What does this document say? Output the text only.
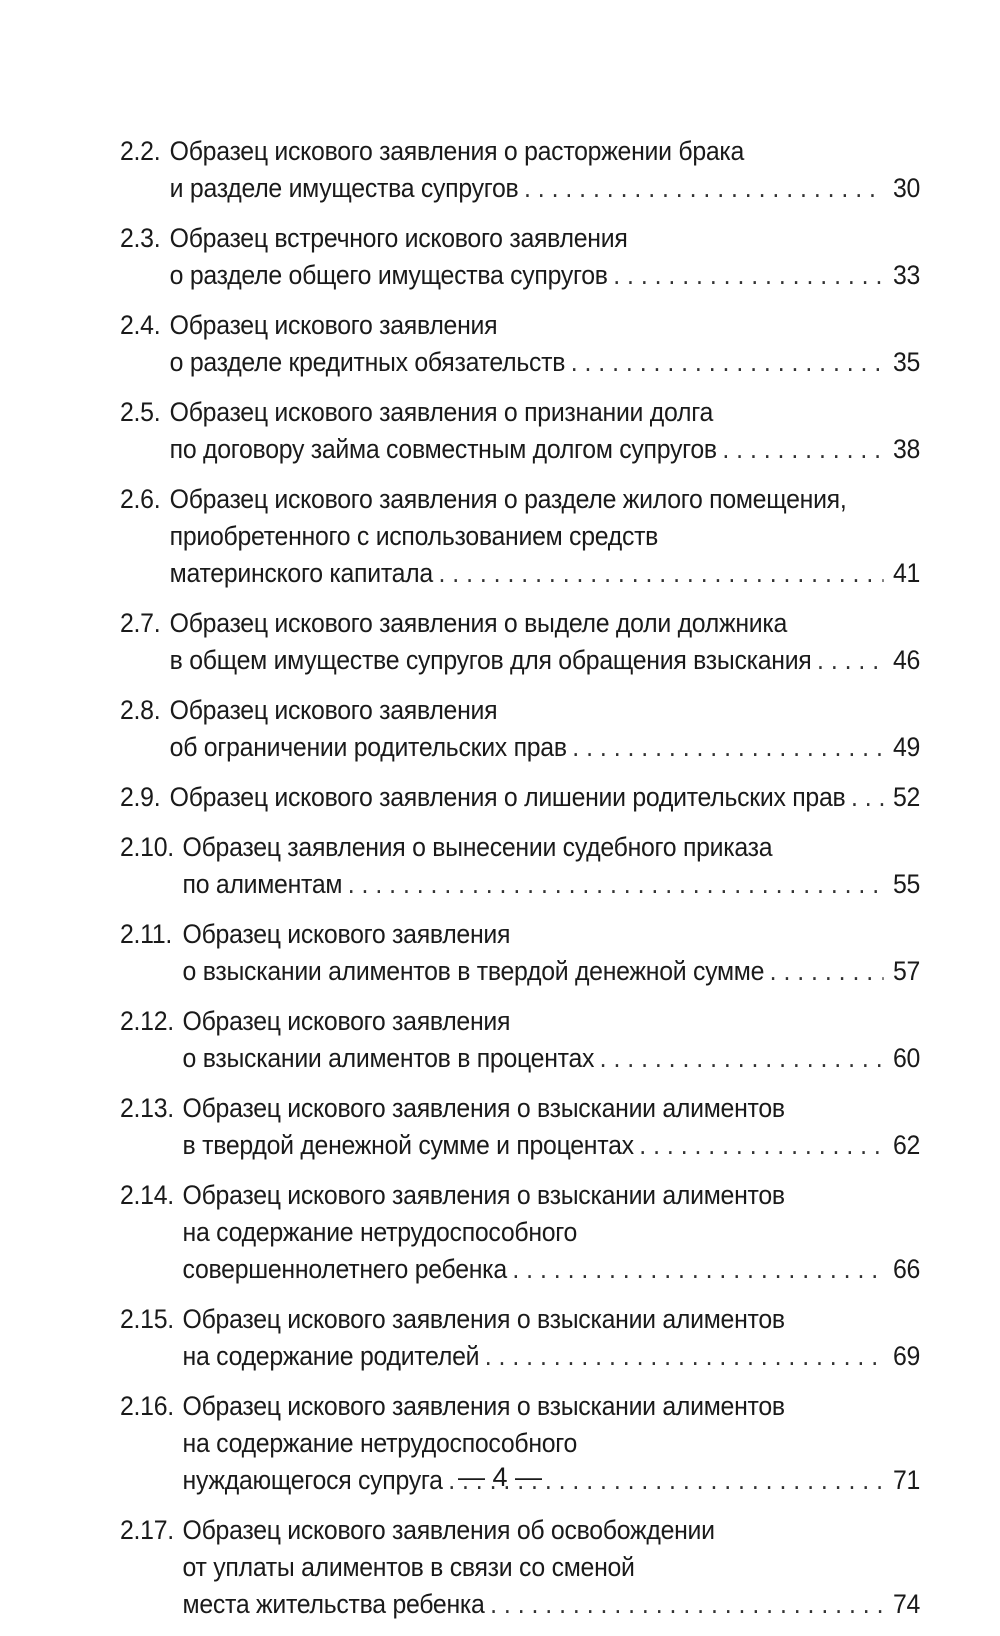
2.2. Образец искового заявления о расторжении брака
и разделе имущества супругов . . .	30
2.3. Образец встречного искового заявления
о разделе общего имущества супругов . . .	33
2.4. Образец искового заявления
о разделе кредитных обязательств . . .	35
2.5. Образец искового заявления о признании долга
по договору займа совместным долгом супругов . . .	38
2.6. Образец искового заявления о разделе жилого помещения,
приобретенного с использованием средств
материнского капитала . . .	41
2.7. Образец искового заявления о выделе доли должника
в общем имуществе супругов для обращения взыскания . . .	46
2.8. Образец искового заявления
об ограничении родительских прав . . .	49
2.9. Образец искового заявления о лишении родительских прав . . . 52
2.10. Образец заявления о вынесении судебного приказа
по алиментам . . .	55
2.11. Образец искового заявления
о взыскании алиментов в твердой денежной сумме . . .	57
2.12. Образец искового заявления
о взыскании алиментов в процентах . . .	60
2.13. Образец искового заявления о взыскании алиментов
в твердой денежной сумме и процентах . . .	62
2.14. Образец искового заявления о взыскании алиментов
на содержание нетрудоспособного
совершеннолетнего ребенка . . .	66
2.15. Образец искового заявления о взыскании алиментов
на содержание родителей . . .	69
2.16. Образец искового заявления о взыскании алиментов
на содержание нетрудоспособного
нуждающегося супруга . . .	71
2.17. Образец искового заявления об освобождении
от уплаты алиментов в связи со сменой
места жительства ребенка . . .	74
— 4 —
